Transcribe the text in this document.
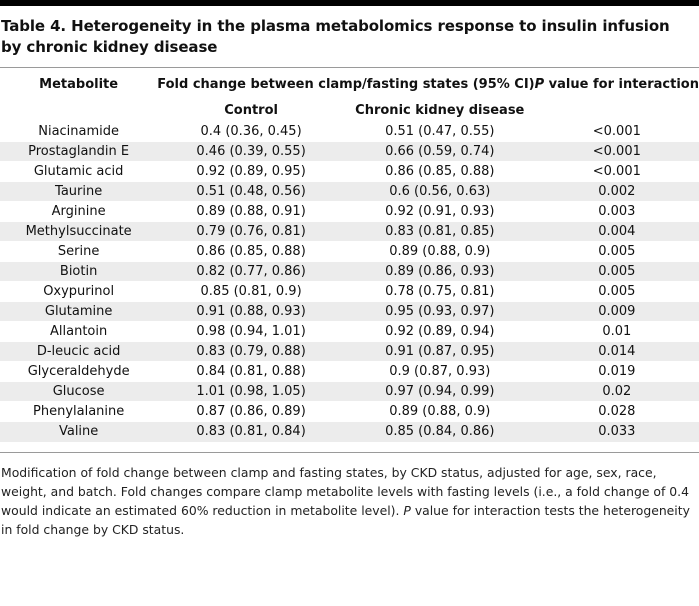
Table 4. Heterogeneity in the plasma metabolomics response to insulin infusion by chronic kidney disease
Metabolite	Fold change between clamp/fasting states (95% CI)		P value for interaction
	Control	Chronic kidney disease	
Niacinamide	0.4 (0.36, 0.45)	0.51 (0.47, 0.55)	<0.001
Prostaglandin E	0.46 (0.39, 0.55)	0.66 (0.59, 0.74)	<0.001
Glutamic acid	0.92 (0.89, 0.95)	0.86 (0.85, 0.88)	<0.001
Taurine	0.51 (0.48, 0.56)	0.6 (0.56, 0.63)	0.002
Arginine	0.89 (0.88, 0.91)	0.92 (0.91, 0.93)	0.003
Methylsuccinate	0.79 (0.76, 0.81)	0.83 (0.81, 0.85)	0.004
Serine	0.86 (0.85, 0.88)	0.89 (0.88, 0.9)	0.005
Biotin	0.82 (0.77, 0.86)	0.89 (0.86, 0.93)	0.005
Oxypurinol	0.85 (0.81, 0.9)	0.78 (0.75, 0.81)	0.005
Glutamine	0.91 (0.88, 0.93)	0.95 (0.93, 0.97)	0.009
Allantoin	0.98 (0.94, 1.01)	0.92 (0.89, 0.94)	0.01
D-leucic acid	0.83 (0.79, 0.88)	0.91 (0.87, 0.95)	0.014
Glyceraldehyde	0.84 (0.81, 0.88)	0.9 (0.87, 0.93)	0.019
Glucose	1.01 (0.98, 1.05)	0.97 (0.94, 0.99)	0.02
Phenylalanine	0.87 (0.86, 0.89)	0.89 (0.88, 0.9)	0.028
Valine	0.83 (0.81, 0.84)	0.85 (0.84, 0.86)	0.033
Modification of fold change between clamp and fasting states, by CKD status, adjusted for age, sex, race, weight, and batch. Fold changes compare clamp metabolite levels with fasting levels (i.e., a fold change of 0.4 would indicate an estimated 60% reduction in metabolite level). P value for interaction tests the heterogeneity in fold change by CKD status.
